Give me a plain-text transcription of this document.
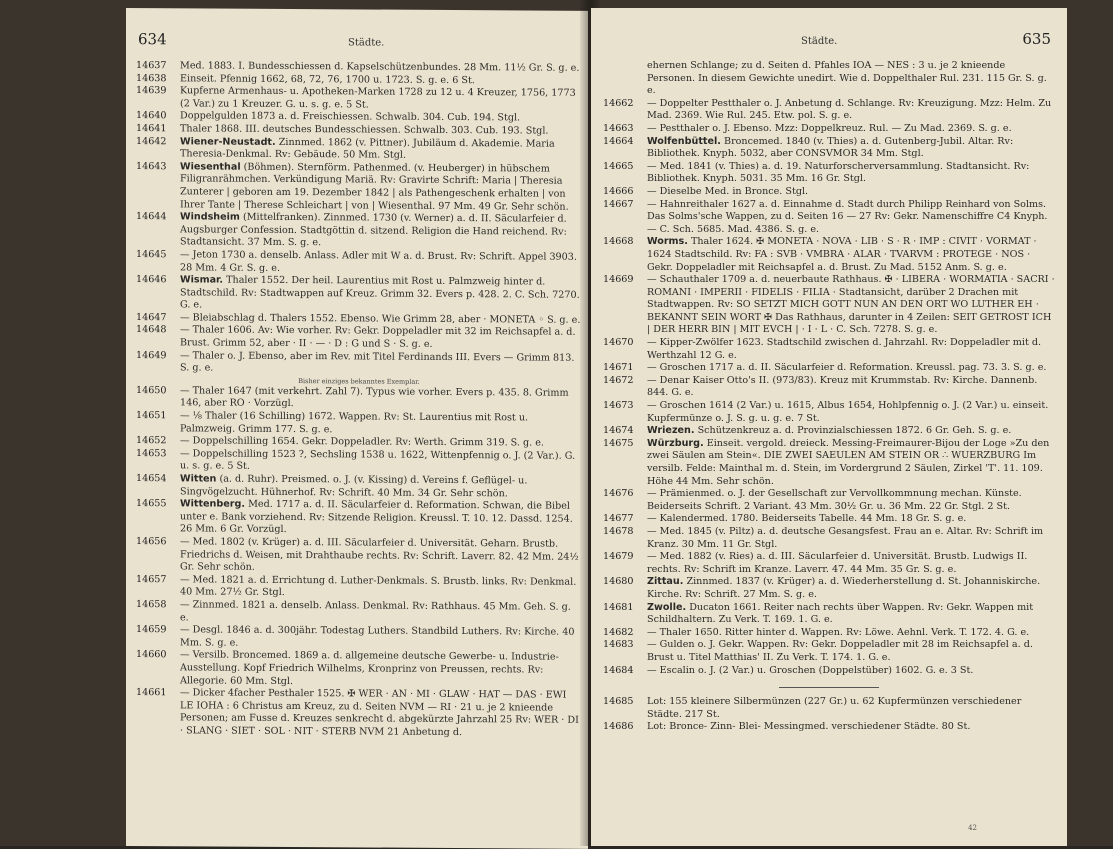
634	Städte.
14637	Med. 1883. I. Bundesschiessen d. Kapselschützenbundes. 28 Mm. 11½ Gr. S. g. e.
14638	Einseit. Pfennig 1662, 68, 72, 76, 1700 u. 1723. S. g. e. 6 St.
14639	Kupferne Armenhaus- u. Apotheken-Marken 1728 zu 12 u. 4 Kreuzer, 1756, 1773 (2 Var.) zu 1 Kreuzer. G. u. s. g. e. 5 St.
14640	Doppelgulden 1873 a. d. Freischiessen. Schwalb. 304. Cub. 194. Stgl.
14641	Thaler 1868. III. deutsches Bundesschiessen. Schwalb. 303. Cub. 193. Stgl.
14642	Wiener-Neustadt. Zinnmed. 1862 (v. Pittner). Jubiläum d. Akademie. Maria Theresia-Denkmal. Rv: Gebäude. 50 Mm. Stgl.
14643	Wiesenthal (Böhmen). Sternförm. Pathenmed. (v. Heuberger) in hübschem Filigranrähmchen. Verkündigung Mariä. Rv: Gravirte Schrift: Maria | Theresia Zunterer | geboren am 19. Dezember 1842 | als Pathengeschenk erhalten | von Ihrer Tante | Therese Schleichart | von | Wiesenthal. 97 Mm. 49 Gr. Sehr schön.
14644	Windsheim (Mittelfranken). Zinnmed. 1730 (v. Werner) a. d. II. Säcularfeier d. Augsburger Confession. Stadtgöttin d. sitzend. Religion die Hand reichend. Rv: Stadtansicht. 37 Mm. S. g. e.
14645	— Jeton 1730 a. denselb. Anlass. Adler mit W a. d. Brust. Rv: Schrift. Appel 3903. 28 Mm. 4 Gr. S. g. e.
14646	Wismar. Thaler 1552. Der heil. Laurentius mit Rost u. Palmzweig hinter d. Stadtschild. Rv: Stadtwappen auf Kreuz. Grimm 32. Evers p. 428. 2. C. Sch. 7270. G. e.
14647	— Bleiabschlag d. Thalers 1552. Ebenso. Wie Grimm 28, aber · MONETA ◦ S. g. e.
14648	— Thaler 1606. Av: Wie vorher. Rv: Gekr. Doppeladler mit 32 im Reichsapfel a. d. Brust. Grimm 52, aber · II · — · D : G und S · S. g. e.
14649	— Thaler o. J. Ebenso, aber im Rev. mit Titel Ferdinands III. Evers — Grimm 813. S. g. e.
Bisher einziges bekanntes Exemplar.
14650	— Thaler 1647 (mit verkehrt. Zahl 7). Typus wie vorher. Evers p. 435. 8. Grimm 146, aber RO · Vorzügl.
14651	— ⅛ Thaler (16 Schilling) 1672. Wappen. Rv: St. Laurentius mit Rost u. Palmzweig. Grimm 177. S. g. e.
14652	— Doppelschilling 1654. Gekr. Doppeladler. Rv: Werth. Grimm 319. S. g. e.
14653	— Doppelschilling 1523 ?, Sechsling 1538 u. 1622, Wittenpfennig o. J. (2 Var.). G. u. s. g. e. 5 St.
14654	Witten (a. d. Ruhr). Preismed. o. J. (v. Kissing) d. Vereins f. Geflügel- u. Singvögelzucht. Hühnerhof. Rv: Schrift. 40 Mm. 34 Gr. Sehr schön.
14655	Wittenberg. Med. 1717 a. d. II. Säcularfeier d. Reformation. Schwan, die Bibel unter e. Bank vorziehend. Rv: Sitzende Religion. Kreussl. T. 10. 12. Dassd. 1254. 26 Mm. 6 Gr. Vorzügl.
14656	— Med. 1802 (v. Krüger) a. d. III. Säcularfeier d. Universität. Geharn. Brustb. Friedrichs d. Weisen, mit Drahthaube rechts. Rv: Schrift. Laverr. 82. 42 Mm. 24½ Gr. Sehr schön.
14657	— Med. 1821 a. d. Errichtung d. Luther-Denkmals. S. Brustb. links. Rv: Denkmal. 40 Mm. 27½ Gr. Stgl.
14658	— Zinnmed. 1821 a. denselb. Anlass. Denkmal. Rv: Rathhaus. 45 Mm. Geh. S. g. e.
14659	— Desgl. 1846 a. d. 300jähr. Todestag Luthers. Standbild Luthers. Rv: Kirche. 40 Mm. S. g. e.
14660	— Versilb. Broncemed. 1869 a. d. allgemeine deutsche Gewerbe- u. Industrie-Ausstellung. Kopf Friedrich Wilhelms, Kronprinz von Preussen, rechts. Rv: Allegorie. 60 Mm. Stgl.
14661	— Dicker 4facher Pesthaler 1525. ✠ WER · AN · MI · GLAW · HAT — DAS · EWI LE IOHA : 6 Christus am Kreuz, zu d. Seiten NVM — RI · 21 u. je 2 knieende Personen; am Fusse d. Kreuzes senkrecht d. abgekürzte Jahrzahl 25 Rv: WER · DI · SLANG · SIET · SOL · NIT · STERB NVM 21 Anbetung d.
Städte.	635
ehernen Schlange; zu d. Seiten d. Pfahles IOA — NES : 3 u. je 2 knieende Personen. In diesem Gewichte unedirt. Wie d. Doppelthaler Rul. 231. 115 Gr. S. g. e.
14662	— Doppelter Pestthaler o. J. Anbetung d. Schlange. Rv: Kreuzigung. Mzz: Helm. Zu Mad. 2369. Wie Rul. 245. Etw. pol. S. g. e.
14663	— Pestthaler o. J. Ebenso. Mzz: Doppelkreuz. Rul. — Zu Mad. 2369. S. g. e.
14664	Wolfenbüttel. Broncemed. 1840 (v. Thies) a. d. Gutenberg-Jubil. Altar. Rv: Bibliothek. Knyph. 5032, aber CONSVMOR 34 Mm. Stgl.
14665	— Med. 1841 (v. Thies) a. d. 19. Naturforscherversammlung. Stadtansicht. Rv: Bibliothek. Knyph. 5031. 35 Mm. 16 Gr. Stgl.
14666	— Dieselbe Med. in Bronce. Stgl.
14667	— Hahnreithaler 1627 a. d. Einnahme d. Stadt durch Philipp Reinhard von Solms. Das Solms'sche Wappen, zu d. Seiten 16 — 27 Rv: Gekr. Namenschiffre C4 Knyph. — C. Sch. 5685. Mad. 4386. S. g. e.
14668	Worms. Thaler 1624. ✠ MONETA · NOVA · LIB · S · R · IMP : CIVIT · VORMAT · 1624 Stadtschild. Rv: FA : SVB · VMBRA · ALAR · TVARVM : PROTEGE · NOS · Gekr. Doppeladler mit Reichsapfel a. d. Brust. Zu Mad. 5152 Anm. S. g. e.
14669	— Schauthaler 1709 a. d. neuerbaute Rathhaus. ✠ · LIBERA · WORMATIA · SACRI · ROMANI · IMPERII · FIDELIS · FILIA · Stadtansicht, darüber 2 Drachen mit Stadtwappen. Rv: SO SETZT MICH GOTT NUN AN DEN ORT WO LUTHER EH · BEKANNT SEIN WORT ✠ Das Rathhaus, darunter in 4 Zeilen: SEIT GETROST ICH | DER HERR BIN | MIT EVCH | · I · L · C. Sch. 7278. S. g. e.
14670	— Kipper-Zwölfer 1623. Stadtschild zwischen d. Jahrzahl. Rv: Doppeladler mit d. Werthzahl 12 G. e.
14671	— Groschen 1717 a. d. II. Säcularfeier d. Reformation. Kreussl. pag. 73. 3. S. g. e.
14672	— Denar Kaiser Otto's II. (973/83). Kreuz mit Krummstab. Rv: Kirche. Dannenb. 844. G. e.
14673	— Groschen 1614 (2 Var.) u. 1615, Albus 1654, Hohlpfennig o. J. (2 Var.) u. einseit. Kupfermünze o. J. S. g. u. g. e. 7 St.
14674	Wriezen. Schützenkreuz a. d. Provinzialschiessen 1872. 6 Gr. Geh. S. g. e.
14675	Würzburg. Einseit. vergold. dreieck. Messing-Freimaurer-Bijou der Loge »Zu den zwei Säulen am Stein«. DIE ZWEI SAEULEN AM STEIN OR ∴ WUERZBURG Im versilb. Felde: Mainthal m. d. Stein, im Vordergrund 2 Säulen, Zirkel 'T'. 11. 109. Höhe 44 Mm. Sehr schön.
14676	— Prämienmed. o. J. der Gesellschaft zur Vervollkommnung mechan. Künste. Beiderseits Schrift. 2 Variant. 43 Mm. 30½ Gr. u. 36 Mm. 22 Gr. Stgl. 2 St.
14677	— Kalendermed. 1780. Beiderseits Tabelle. 44 Mm. 18 Gr. S. g. e.
14678	— Med. 1845 (v. Piltz) a. d. deutsche Gesangsfest. Frau an e. Altar. Rv: Schrift im Kranz. 30 Mm. 11 Gr. Stgl.
14679	— Med. 1882 (v. Ries) a. d. III. Säcularfeier d. Universität. Brustb. Ludwigs II. rechts. Rv: Schrift im Kranze. Laverr. 47. 44 Mm. 35 Gr. S. g. e.
14680	Zittau. Zinnmed. 1837 (v. Krüger) a. d. Wiederherstellung d. St. Johanniskirche. Kirche. Rv: Schrift. 27 Mm. S. g. e.
14681	Zwolle. Ducaton 1661. Reiter nach rechts über Wappen. Rv: Gekr. Wappen mit Schildhaltern. Zu Verk. T. 169. 1. G. e.
14682	— Thaler 1650. Ritter hinter d. Wappen. Rv: Löwe. Aehnl. Verk. T. 172. 4. G. e.
14683	— Gulden o. J. Gekr. Wappen. Rv: Gekr. Doppeladler mit 28 im Reichsapfel a. d. Brust u. Titel Matthias' II. Zu Verk. T. 174. 1. G. e.
14684	— Escalin o. J. (2 Var.) u. Groschen (Doppelstüber) 1602. G. e. 3 St.
14685	Lot: 155 kleinere Silbermünzen (227 Gr.) u. 62 Kupfermünzen verschiedener Städte. 217 St.
14686	Lot: Bronce- Zinn- Blei- Messingmed. verschiedener Städte. 80 St.
42
